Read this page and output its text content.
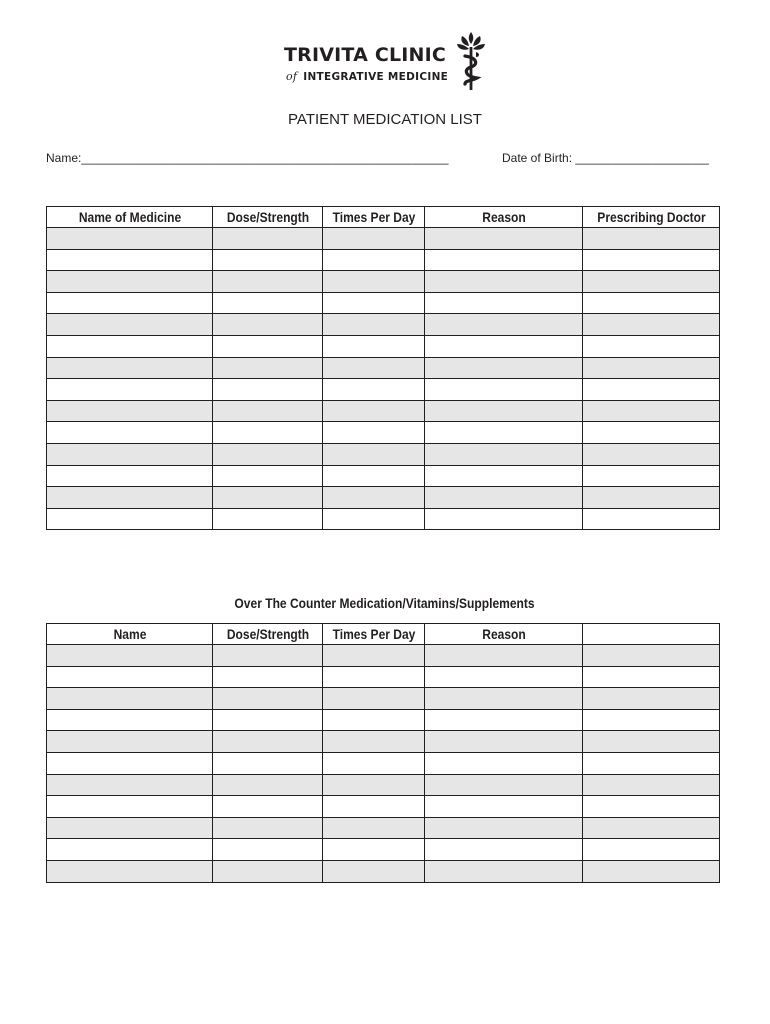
TRIVITA CLINIC
of INTEGRATIVE MEDICINE
PATIENT MEDICATION LIST
Name:_______________________________________________________	Date of Birth: ____________________
Name of Medicine	Dose/Strength	Times Per Day	Reason	Prescribing Doctor

Over The Counter Medication/Vitamins/Supplements
Name	Dose/Strength	Times Per Day	Reason	
